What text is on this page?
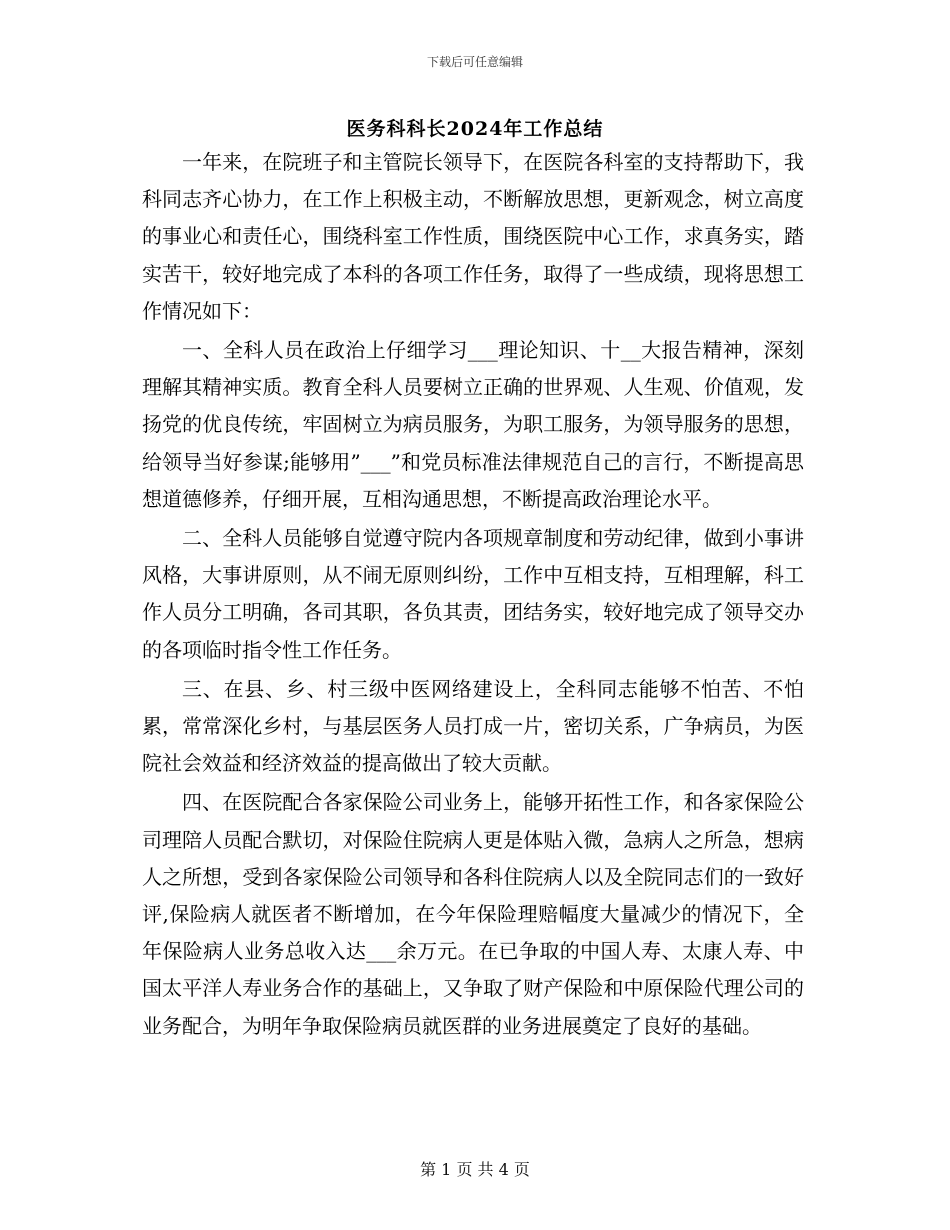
下载后可任意编辑
医务科科长2024年工作总结

一年来，在院班子和主管院长领导下，在医院各科室的支持帮助下，我科同志齐心协力，在工作上积极主动，不断解放思想，更新观念，树立高度的事业心和责任心，围绕科室工作性质，围绕医院中心工作，求真务实，踏实苦干，较好地完成了本科的各项工作任务，取得了一些成绩，现将思想工作情况如下：

一、全科人员在政治上仔细学习___理论知识、十__大报告精神，深刻理解其精神实质。教育全科人员要树立正确的世界观、人生观、价值观，发扬党的优良传统，牢固树立为病员服务，为职工服务，为领导服务的思想，给领导当好参谋;能够用”___”和党员标准法律规范自己的言行，不断提高思想道德修养，仔细开展，互相沟通思想，不断提高政治理论水平。

二、全科人员能够自觉遵守院内各项规章制度和劳动纪律，做到小事讲风格，大事讲原则，从不闹无原则纠纷，工作中互相支持，互相理解，科工作人员分工明确，各司其职，各负其责，团结务实，较好地完成了领导交办的各项临时指令性工作任务。

三、在县、乡、村三级中医网络建设上，全科同志能够不怕苦、不怕累，常常深化乡村，与基层医务人员打成一片，密切关系，广争病员，为医院社会效益和经济效益的提高做出了较大贡献。

四、在医院配合各家保险公司业务上，能够开拓性工作，和各家保险公司理陪人员配合默切，对保险住院病人更是体贴入微，急病人之所急，想病人之所想，受到各家保险公司领导和各科住院病人以及全院同志们的一致好评,保险病人就医者不断增加，在今年保险理赔幅度大量减少的情况下，全年保险病人业务总收入达___余万元。在已争取的中国人寿、太康人寿、中国太平洋人寿业务合作的基础上，又争取了财产保险和中原保险代理公司的业务配合，为明年争取保险病员就医群的业务进展奠定了良好的基础。

第 1 页 共 4 页
